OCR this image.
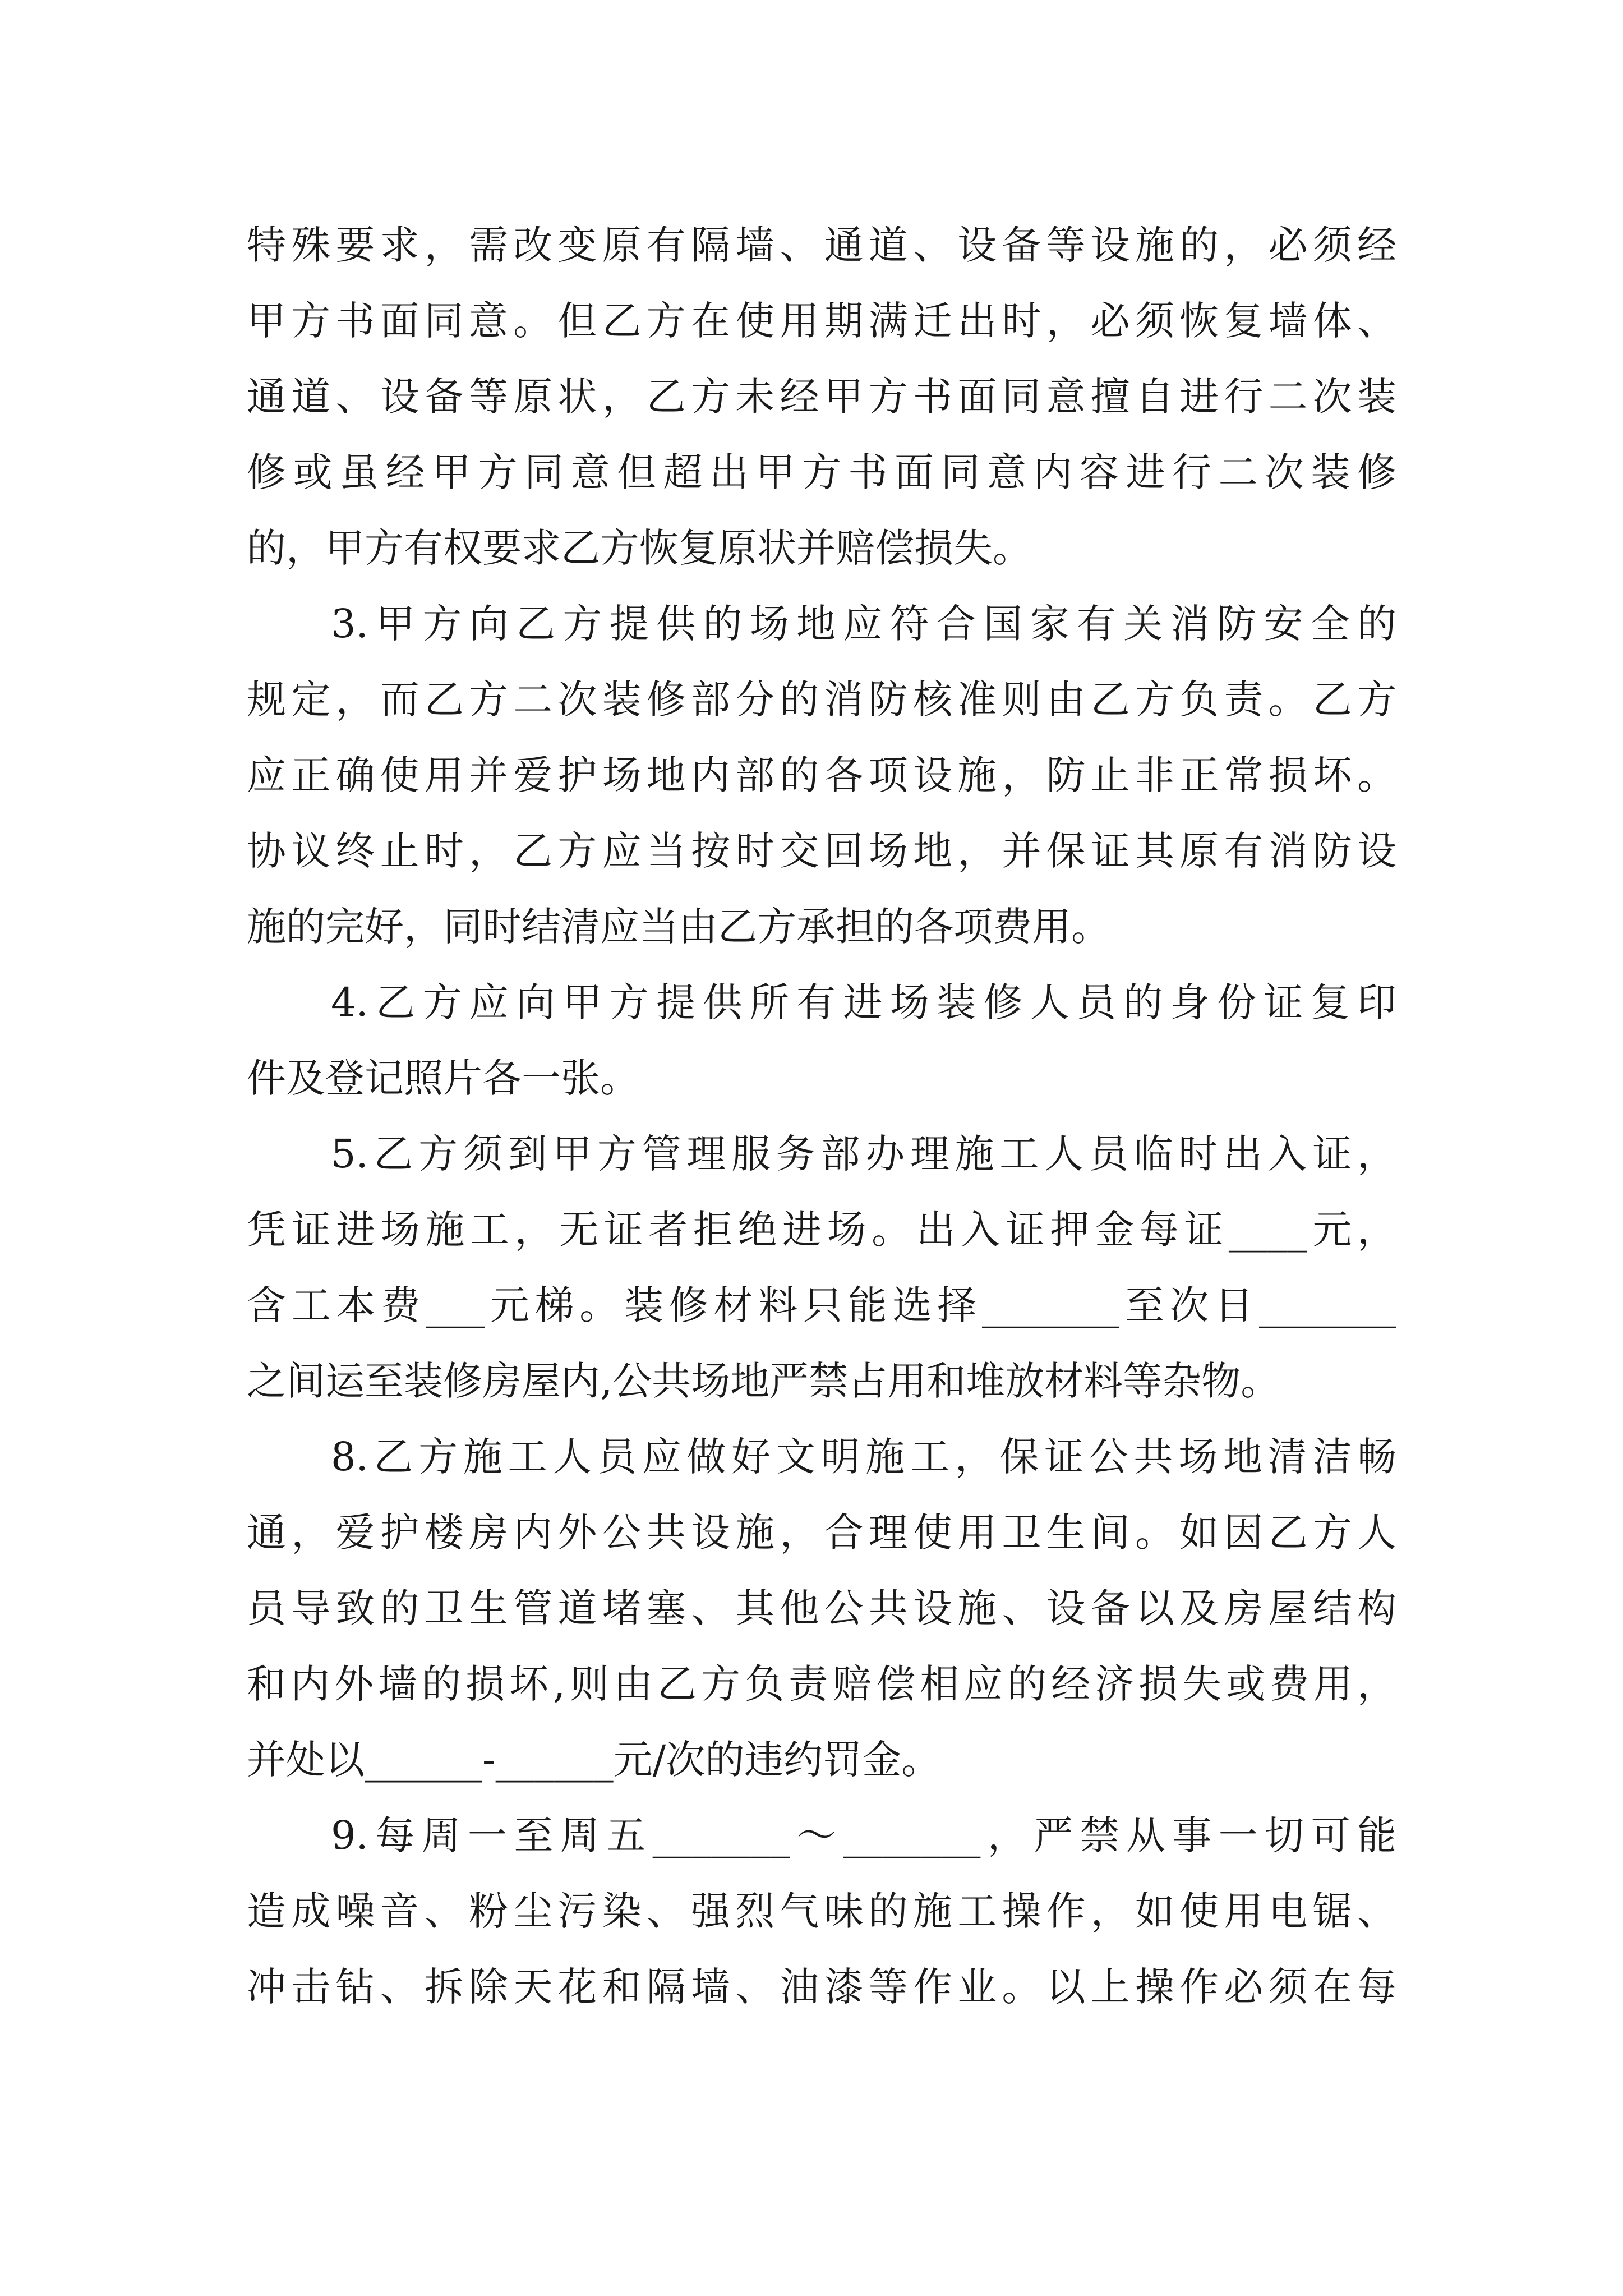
特殊要求，需改变原有隔墙、通道、设备等设施的，必须经
甲方书面同意。但乙方在使用期满迁出时，必须恢复墙体、
通道、设备等原状，乙方未经甲方书面同意擅自进行二次装
修或虽经甲方同意但超出甲方书面同意内容进行二次装修
的，甲方有权要求乙方恢复原状并赔偿损失。
3.甲方向乙方提供的场地应符合国家有关消防安全的
规定，而乙方二次装修部分的消防核准则由乙方负责。乙方
应正确使用并爱护场地内部的各项设施，防止非正常损坏。
协议终止时，乙方应当按时交回场地，并保证其原有消防设
施的完好，同时结清应当由乙方承担的各项费用。
4.乙方应向甲方提供所有进场装修人员的身份证复印
件及登记照片各一张。
5.乙方须到甲方管理服务部办理施工人员临时出入证，
凭证进场施工，无证者拒绝进场。出入证押金每证____元，
含工本费___元梯。装修材料只能选择_______至次日_______
之间运至装修房屋内,公共场地严禁占用和堆放材料等杂物。
8.乙方施工人员应做好文明施工，保证公共场地清洁畅
通，爱护楼房内外公共设施，合理使用卫生间。如因乙方人
员导致的卫生管道堵塞、其他公共设施、设备以及房屋结构
和内外墙的损坏,则由乙方负责赔偿相应的经济损失或费用，
并处以______-______元/次的违约罚金。
9.每周一至周五_______～_______，严禁从事一切可能
造成噪音、粉尘污染、强烈气味的施工操作，如使用电锯、
冲击钻、拆除天花和隔墙、油漆等作业。以上操作必须在每
